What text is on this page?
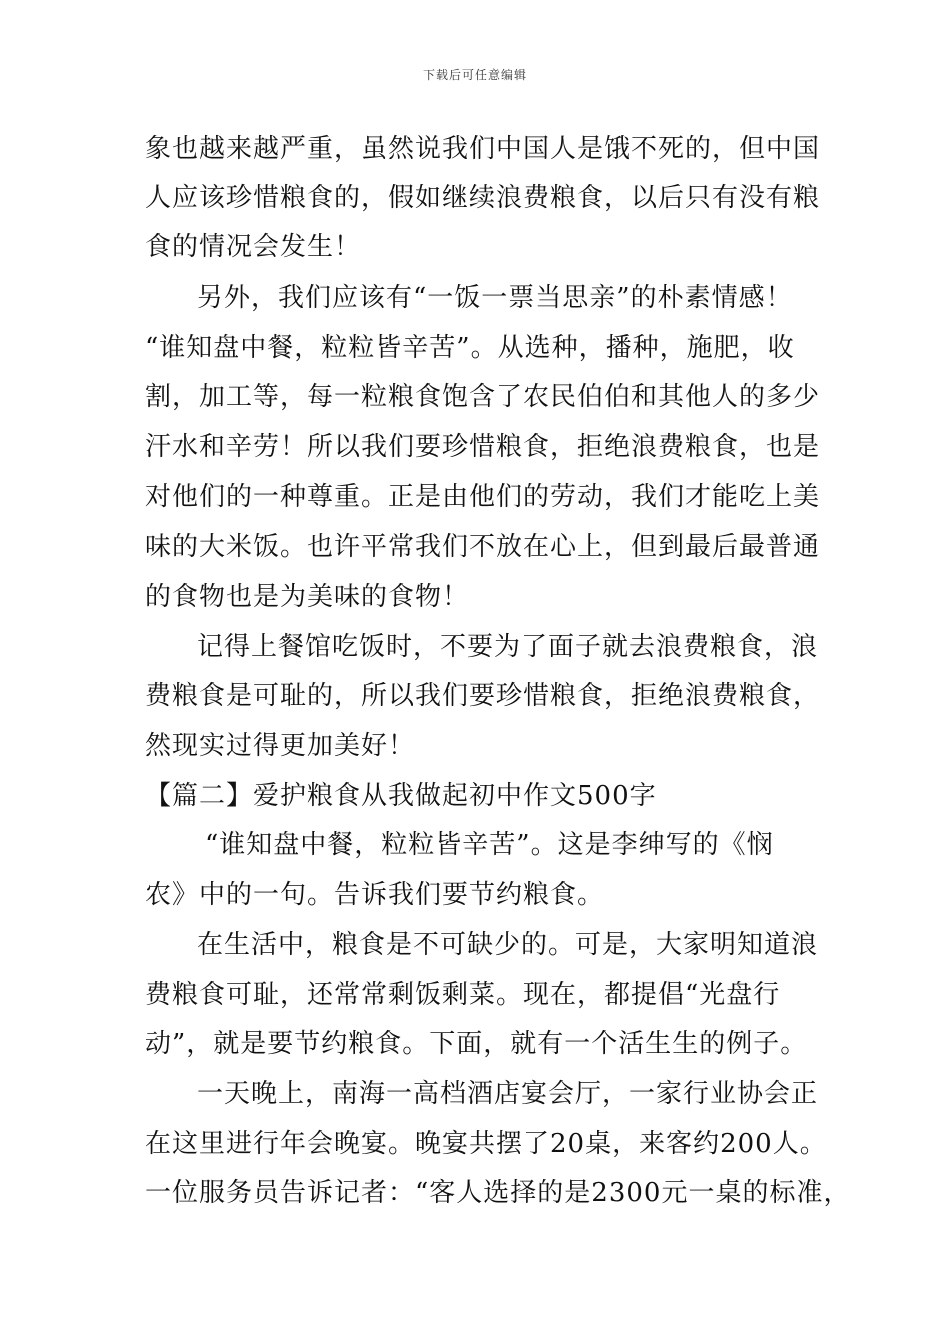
下载后可任意编辑
象也越来越严重，虽然说我们中国人是饿不死的，但中国
人应该珍惜粮食的，假如继续浪费粮食，以后只有没有粮
食的情况会发生！
另外，我们应该有“一饭一票当思亲”的朴素情感！
“谁知盘中餐，粒粒皆辛苦”。从选种，播种，施肥，收
割，加工等，每一粒粮食饱含了农民伯伯和其他人的多少
汗水和辛劳！所以我们要珍惜粮食，拒绝浪费粮食，也是
对他们的一种尊重。正是由他们的劳动，我们才能吃上美
味的大米饭。也许平常我们不放在心上，但到最后最普通
的食物也是为美味的食物！
记得上餐馆吃饭时，不要为了面子就去浪费粮食，浪
费粮食是可耻的，所以我们要珍惜粮食，拒绝浪费粮食，
然现实过得更加美好！
【篇二】爱护粮食从我做起初中作文500字
“谁知盘中餐，粒粒皆辛苦”。这是李绅写的《悯
农》中的一句。告诉我们要节约粮食。
在生活中，粮食是不可缺少的。可是，大家明知道浪
费粮食可耻，还常常剩饭剩菜。现在，都提倡“光盘行
动”，就是要节约粮食。下面，就有一个活生生的例子。
一天晚上，南海一高档酒店宴会厅，一家行业协会正
在这里进行年会晚宴。晚宴共摆了20桌，来客约200人。
一位服务员告诉记者：“客人选择的是2300元一桌的标准，
